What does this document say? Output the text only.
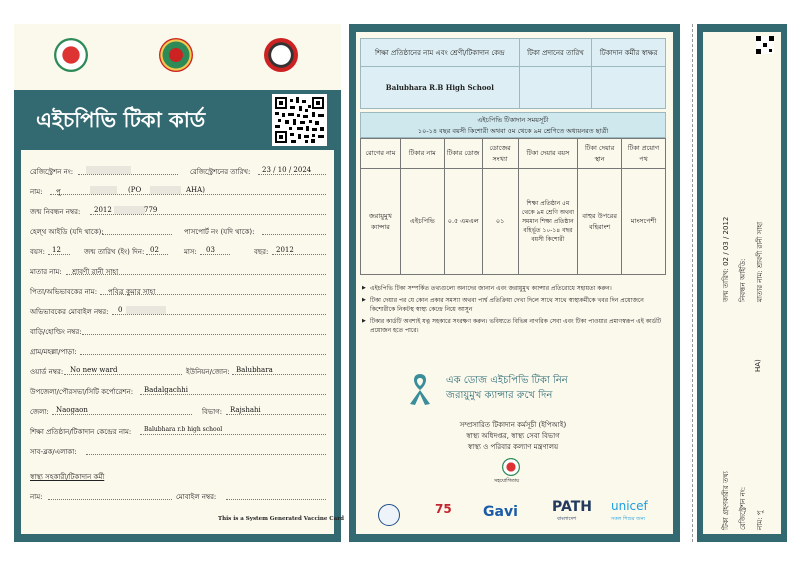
এইচপিভি টিকা কার্ড
রেজিস্ট্রেশন নং:	রেজিস্ট্রেশনের তারিখ: 23 / 10 / 2024
নাম: পু	(PO	AHA)
জন্ম নিবন্ধন নম্বর: 2012	779
হেল্থ আইডি (যদি থাকে):	পাসপোর্ট নং (যদি থাকে):
বয়স: 12	জন্ম তারিখ (ইং) দিন: 02	মাস: 03	বছর: 2012
মাতার নাম: শ্রাবণী রানী সাহা
পিতা/অভিভাবকের নাম: পবিত্র কুমার সাহা
অভিভাবকের মোবাইল নম্বর: 0
বাড়ি/হোল্ডিং নম্বর:
গ্রাম/মহল্লা/পাড়া:
ওয়ার্ড নম্বর: No new ward	ইউনিয়ন/জোন: Balubhara
উপজেলা/পৌরসভা/সিটি কর্পোরেশন: Badalgachhi
জেলা: Naogaon	বিভাগ: Rajshahi
শিক্ষা প্রতিষ্ঠান/টিকাদান কেন্দ্রের নাম: Balubhara r.b high school
সাব-ব্লক/এলাকা:
স্বাস্থ্য সহকারী/টিকাদান কর্মী
নাম:	মোবাইল নম্বর:
This is a System Generated Vaccine Card
শিক্ষা প্রতিষ্ঠানের নাম এবং শ্রেণী/টিকাদান কেন্দ্র	টিকা প্রদানের তারিখ	টিকাদান কর্মীর স্বাক্ষর
Balubhara R.B High School		
এইচপিভি টিকাদান সময়সূচী
১০-১৪ বছর বয়সী কিশোরী অথবা ৫ম থেকে ৯ম শ্রেণিতে অধ্যয়নরত ছাত্রী
রোগের নাম	টিকার নাম	টিকার ডোজ	ডোজের সংখ্যা	টিকা দেয়ার বয়স	টিকা দেয়ার স্থান	টিকা প্রয়োগ পথ
জরায়ুমুখ ক্যান্সার	এইচপিভি	০.৫ এমএল	০১	শিক্ষা প্রতিষ্ঠান ৫ম থেকে ৯ম শ্রেণি অথবা সমমান শিক্ষা প্রতিষ্ঠান বহির্ভূত ১০-১৪ বছর বয়সী কিশোরী	বাহুর উপরের বহিরাংশ	মাংসপেশী
▶ এইচপিভি টিকা সম্পর্কিত তথ্যগুলো অন্যদের জানান এবং জরায়ুমুখ ক্যান্সার প্রতিরোধে সহায়তা করুন।
▶ টিকা দেয়ার পর যে কোন প্রকার সমস্যা অথবা পার্শ্ব প্রতিক্রিয়া দেখা দিলে সাথে সাথে স্বাস্থ্যকর্মীকে খবর দিন প্রয়োজনে কিশোরীকে নিকটস্থ স্বাস্থ্য কেন্দ্রে নিয়ে আসুন
▶ টিকার কার্ডটি অবশ্যই যত্ন সহকারে সংরক্ষণ করুন। ভবিষ্যতে বিভিন্ন নাগরিক সেবা এবং টিকা পাওয়ার প্রমাণস্বরূপ এই কার্ডটি প্রয়োজন হতে পারে।
এক ডোজ এইচপিভি টিকা নিন
জরায়ুমুখ ক্যান্সার রুখে দিন
সম্প্রসারিত টিকাদান কর্মসূচী (ইপিআই)
স্বাস্থ্য অধিদপ্তর, স্বাস্থ্য সেবা বিভাগ
স্বাস্থ্য ও পরিবার কল্যাণ মন্ত্রণালয়
সহযোগিতায়
75 Gavi PATH
বাংলাদেশ
unicef
সকল শিশুর জন্য
জন্ম তারিখ: 02 / 03 / 2012 নিবন্ধন আইডি: মাতার নাম: শ্রাবণী রানী সাহা
HA)
টিকা গ্রহণকারীর তথ্য রেজিস্ট্রেশন নং: নাম: পু
